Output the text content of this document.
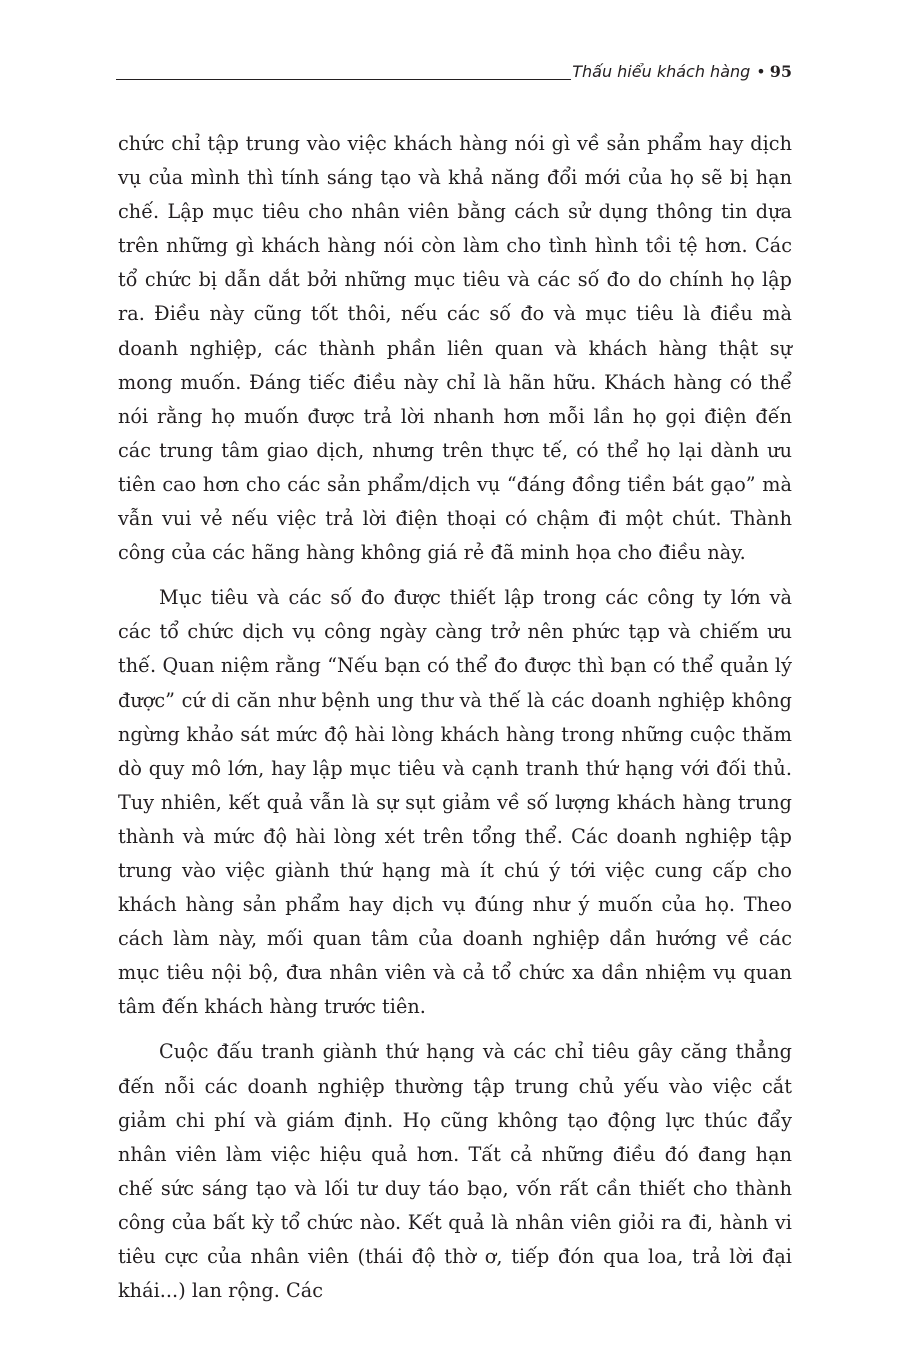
Thấu hiểu khách hàng • 95

chức chỉ tập trung vào việc khách hàng nói gì về sản phẩm hay dịch vụ của mình thì tính sáng tạo và khả năng đổi mới của họ sẽ bị hạn chế. Lập mục tiêu cho nhân viên bằng cách sử dụng thông tin dựa trên những gì khách hàng nói còn làm cho tình hình tồi tệ hơn. Các tổ chức bị dẫn dắt bởi những mục tiêu và các số đo do chính họ lập ra. Điều này cũng tốt thôi, nếu các số đo và mục tiêu là điều mà doanh nghiệp, các thành phần liên quan và khách hàng thật sự mong muốn. Đáng tiếc điều này chỉ là hãn hữu. Khách hàng có thể nói rằng họ muốn được trả lời nhanh hơn mỗi lần họ gọi điện đến các trung tâm giao dịch, nhưng trên thực tế, có thể họ lại dành ưu tiên cao hơn cho các sản phẩm/dịch vụ “đáng đồng tiền bát gạo” mà vẫn vui vẻ nếu việc trả lời điện thoại có chậm đi một chút. Thành công của các hãng hàng không giá rẻ đã minh họa cho điều này.

Mục tiêu và các số đo được thiết lập trong các công ty lớn và các tổ chức dịch vụ công ngày càng trở nên phức tạp và chiếm ưu thế. Quan niệm rằng “Nếu bạn có thể đo được thì bạn có thể quản lý được” cứ di căn như bệnh ung thư và thế là các doanh nghiệp không ngừng khảo sát mức độ hài lòng khách hàng trong những cuộc thăm dò quy mô lớn, hay lập mục tiêu và cạnh tranh thứ hạng với đối thủ. Tuy nhiên, kết quả vẫn là sự sụt giảm về số lượng khách hàng trung thành và mức độ hài lòng xét trên tổng thể. Các doanh nghiệp tập trung vào việc giành thứ hạng mà ít chú ý tới việc cung cấp cho khách hàng sản phẩm hay dịch vụ đúng như ý muốn của họ. Theo cách làm này, mối quan tâm của doanh nghiệp dần hướng về các mục tiêu nội bộ, đưa nhân viên và cả tổ chức xa dần nhiệm vụ quan tâm đến khách hàng trước tiên.

Cuộc đấu tranh giành thứ hạng và các chỉ tiêu gây căng thẳng đến nỗi các doanh nghiệp thường tập trung chủ yếu vào việc cắt giảm chi phí và giám định. Họ cũng không tạo động lực thúc đẩy nhân viên làm việc hiệu quả hơn. Tất cả những điều đó đang hạn chế sức sáng tạo và lối tư duy táo bạo, vốn rất cần thiết cho thành công của bất kỳ tổ chức nào. Kết quả là nhân viên giỏi ra đi, hành vi tiêu cực của nhân viên (thái độ thờ ơ, tiếp đón qua loa, trả lời đại khái...) lan rộng. Các
